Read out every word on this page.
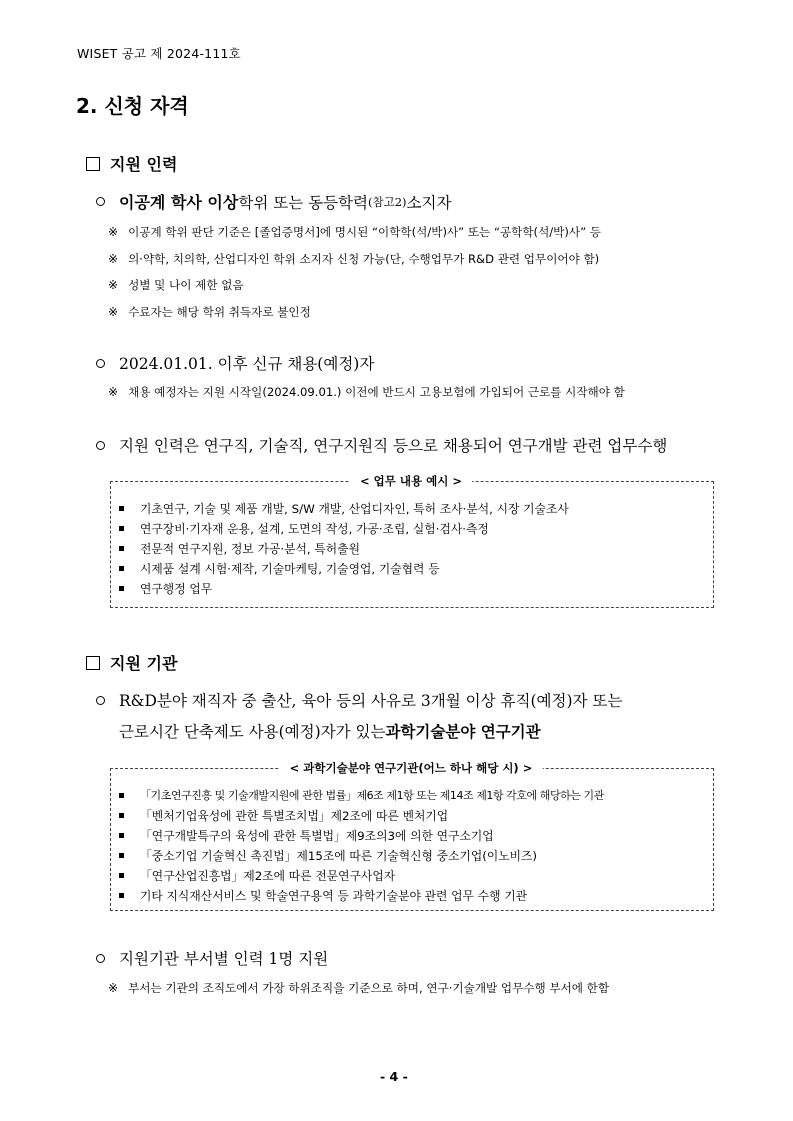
WISET 공고 제 2024-111호
2. 신청 자격
지원 인력
이공계 학사 이상 학위 또는 동등학력 (참고2) 소지자
※ 이공계 학위 판단 기준은 [졸업증명서]에 명시된 “이학학(석/박)사” 또는 “공학학(석/박)사” 등
※ 의·약학, 치의학, 산업디자인 학위 소지자 신청 가능(단, 수행업무가 R&D 관련 업무이어야 함)
※ 성별 및 나이 제한 없음
※ 수료자는 해당 학위 취득자로 불인정
2024.01.01. 이후 신규 채용(예정)자
※ 채용 예정자는 지원 시작일(2024.09.01.) 이전에 반드시 고용보험에 가입되어 근로를 시작해야 함
지원 인력은 연구직, 기술직, 연구지원직 등으로 채용되어 연구개발 관련 업무수행
< 업무 내용 예시 >
기초연구, 기술 및 제품 개발, S/W 개발, 산업디자인, 특허 조사·분석, 시장 기술조사
연구장비·기자재 운용, 설계, 도면의 작성, 가공·조립, 실험·검사·측정
전문적 연구지원, 정보 가공·분석, 특허출원
시제품 설계 시험·제작, 기술마케팅, 기술영업, 기술협력 등
연구행정 업무
지원 기관
R&D분야 재직자 중 출산, 육아 등의 사유로 3개월 이상 휴직(예정)자 또는
근로시간 단축제도 사용(예정)자가 있는 과학기술분야 연구기관
< 과학기술분야 연구기관(어느 하나 해당 시) >
「기초연구진흥 및 기술개발지원에 관한 법률」제6조 제1항 또는 제14조 제1항 각호에 해당하는 기관
「벤처기업육성에 관한 특별조치법」제2조에 따른 벤처기업
「연구개발특구의 육성에 관한 특별법」제9조의3에 의한 연구소기업
「중소기업 기술혁신 촉진법」제15조에 따른 기술혁신형 중소기업(이노비즈)
「연구산업진흥법」제2조에 따른 전문연구사업자
기타 지식재산서비스 및 학술연구용역 등 과학기술분야 관련 업무 수행 기관
지원기관 부서별 인력 1명 지원
※ 부서는 기관의 조직도에서 가장 하위조직을 기준으로 하며, 연구·기술개발 업무수행 부서에 한함
- 4 -
